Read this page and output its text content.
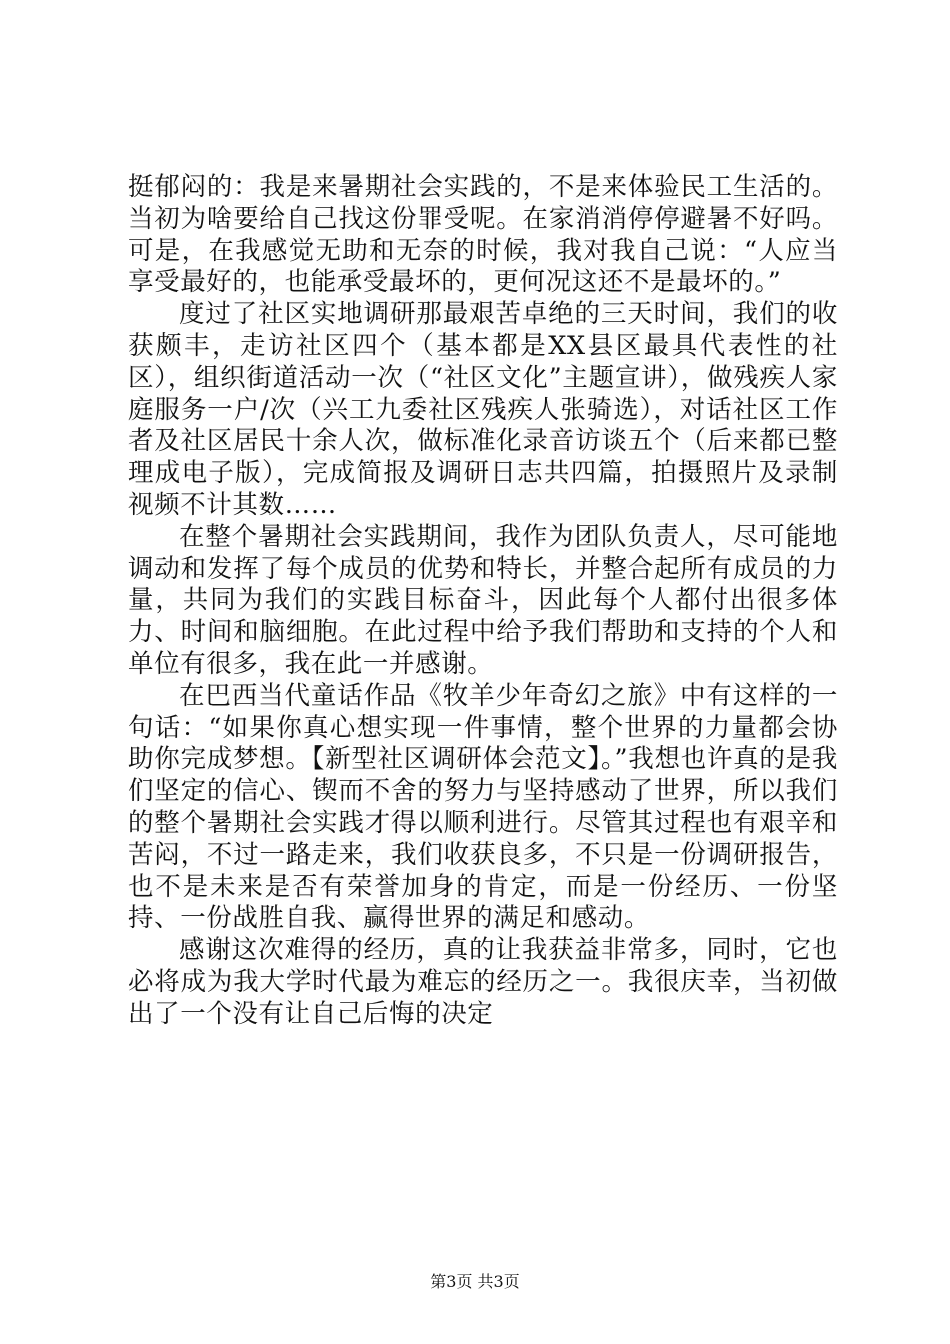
挺郁闷的：我是来暑期社会实践的，不是来体验民工生活的。当初为啥要给自己找这份罪受呢。在家消消停停避暑不好吗。可是，在我感觉无助和无奈的时候，我对我自己说：“人应当享受最好的，也能承受最坏的，更何况这还不是最坏的。”

度过了社区实地调研那最艰苦卓绝的三天时间，我们的收获颇丰，走访社区四个（基本都是XX县区最具代表性的社区），组织街道活动一次（“社区文化”主题宣讲），做残疾人家庭服务一户/次（兴工九委社区残疾人张骑选），对话社区工作者及社区居民十余人次，做标准化录音访谈五个（后来都已整理成电子版），完成简报及调研日志共四篇，拍摄照片及录制视频不计其数……

在整个暑期社会实践期间，我作为团队负责人，尽可能地调动和发挥了每个成员的优势和特长，并整合起所有成员的力量，共同为我们的实践目标奋斗，因此每个人都付出很多体力、时间和脑细胞。在此过程中给予我们帮助和支持的个人和单位有很多，我在此一并感谢。

在巴西当代童话作品《牧羊少年奇幻之旅》中有这样的一句话：“如果你真心想实现一件事情，整个世界的力量都会协助你完成梦想。【新型社区调研体会范文】。”我想也许真的是我们坚定的信心、锲而不舍的努力与坚持感动了世界，所以我们的整个暑期社会实践才得以顺利进行。尽管其过程也有艰辛和苦闷，不过一路走来，我们收获良多，不只是一份调研报告，也不是未来是否有荣誉加身的肯定，而是一份经历、一份坚持、一份战胜自我、赢得世界的满足和感动。

感谢这次难得的经历，真的让我获益非常多，同时，它也必将成为我大学时代最为难忘的经历之一。我很庆幸，当初做出了一个没有让自己后悔的决定

第3页 共3页
